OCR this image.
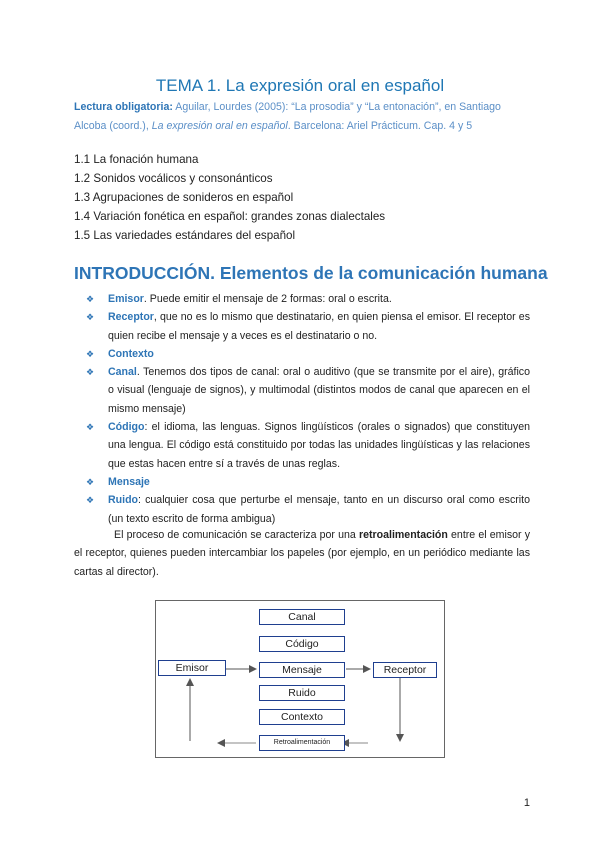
TEMA 1. La expresión oral en español
Lectura obligatoria: Aguilar, Lourdes (2005): “La prosodia” y “La entonación”, en Santiago Alcoba (coord.), La expresión oral en español. Barcelona: Ariel Prácticum. Cap. 4 y 5
1.1 La fonación humana
1.2 Sonidos vocálicos y consonánticos
1.3 Agrupaciones de sonideros en español
1.4 Variación fonética en español: grandes zonas dialectales
1.5 Las variedades estándares del español
INTRODUCCIÓN. Elementos de la comunicación humana
❖ Emisor. Puede emitir el mensaje de 2 formas: oral o escrita.
❖ Receptor, que no es lo mismo que destinatario, en quien piensa el emisor. El receptor es quien recibe el mensaje y a veces es el destinatario o no.
❖ Contexto
❖ Canal. Tenemos dos tipos de canal: oral o auditivo (que se transmite por el aire), gráfico o visual (lenguaje de signos), y multimodal (distintos modos de canal que aparecen en el mismo mensaje)
❖ Código: el idioma, las lenguas. Signos lingüísticos (orales o signados) que constituyen una lengua. El código está constituido por todas las unidades lingüísticas y las relaciones que estas hacen entre sí a través de unas reglas.
❖ Mensaje
❖ Ruido: cualquier cosa que perturbe el mensaje, tanto en un discurso oral como escrito (un texto escrito de forma ambigua)
El proceso de comunicación se caracteriza por una retroalimentación entre el emisor y el receptor, quienes pueden intercambiar los papeles (por ejemplo, en un periódico mediante las cartas al director).
Emisor	Receptor
Canal
Código
Mensaje
Ruido
Contexto
Retroalimentación
1
